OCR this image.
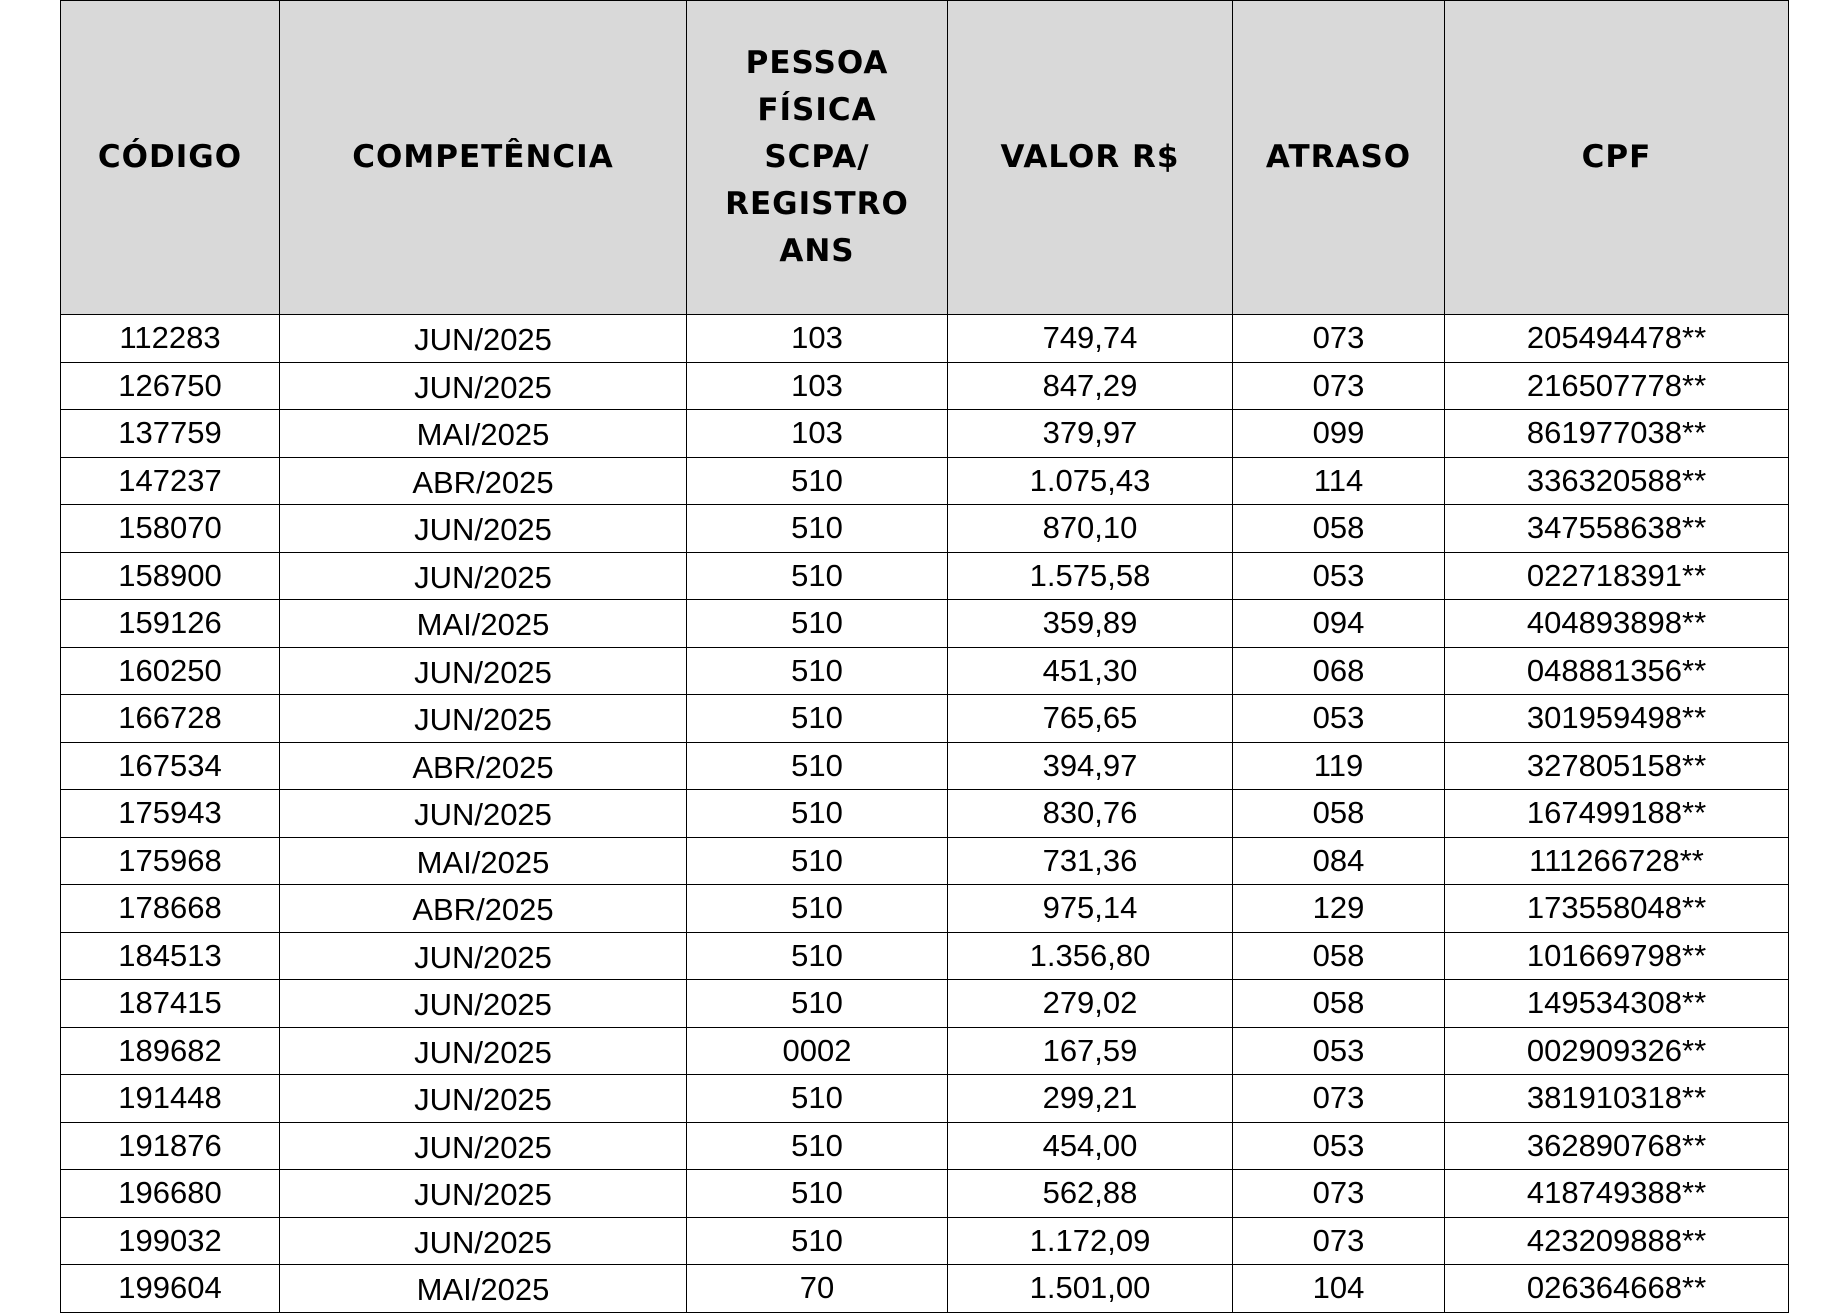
CÓDIGO	COMPETÊNCIA	PESSOA
FÍSICA
SCPA/
REGISTRO
ANS	VALOR R$	ATRASO	CPF
112283	JUN/2025	103	749,74	073	205494478**
126750	JUN/2025	103	847,29	073	216507778**
137759	MAI/2025	103	379,97	099	861977038**
147237	ABR/2025	510	1.075,43	114	336320588**
158070	JUN/2025	510	870,10	058	347558638**
158900	JUN/2025	510	1.575,58	053	022718391**
159126	MAI/2025	510	359,89	094	404893898**
160250	JUN/2025	510	451,30	068	048881356**
166728	JUN/2025	510	765,65	053	301959498**
167534	ABR/2025	510	394,97	119	327805158**
175943	JUN/2025	510	830,76	058	167499188**
175968	MAI/2025	510	731,36	084	111266728**
178668	ABR/2025	510	975,14	129	173558048**
184513	JUN/2025	510	1.356,80	058	101669798**
187415	JUN/2025	510	279,02	058	149534308**
189682	JUN/2025	0002	167,59	053	002909326**
191448	JUN/2025	510	299,21	073	381910318**
191876	JUN/2025	510	454,00	053	362890768**
196680	JUN/2025	510	562,88	073	418749388**
199032	JUN/2025	510	1.172,09	073	423209888**
199604	MAI/2025	70	1.501,00	104	026364668**
